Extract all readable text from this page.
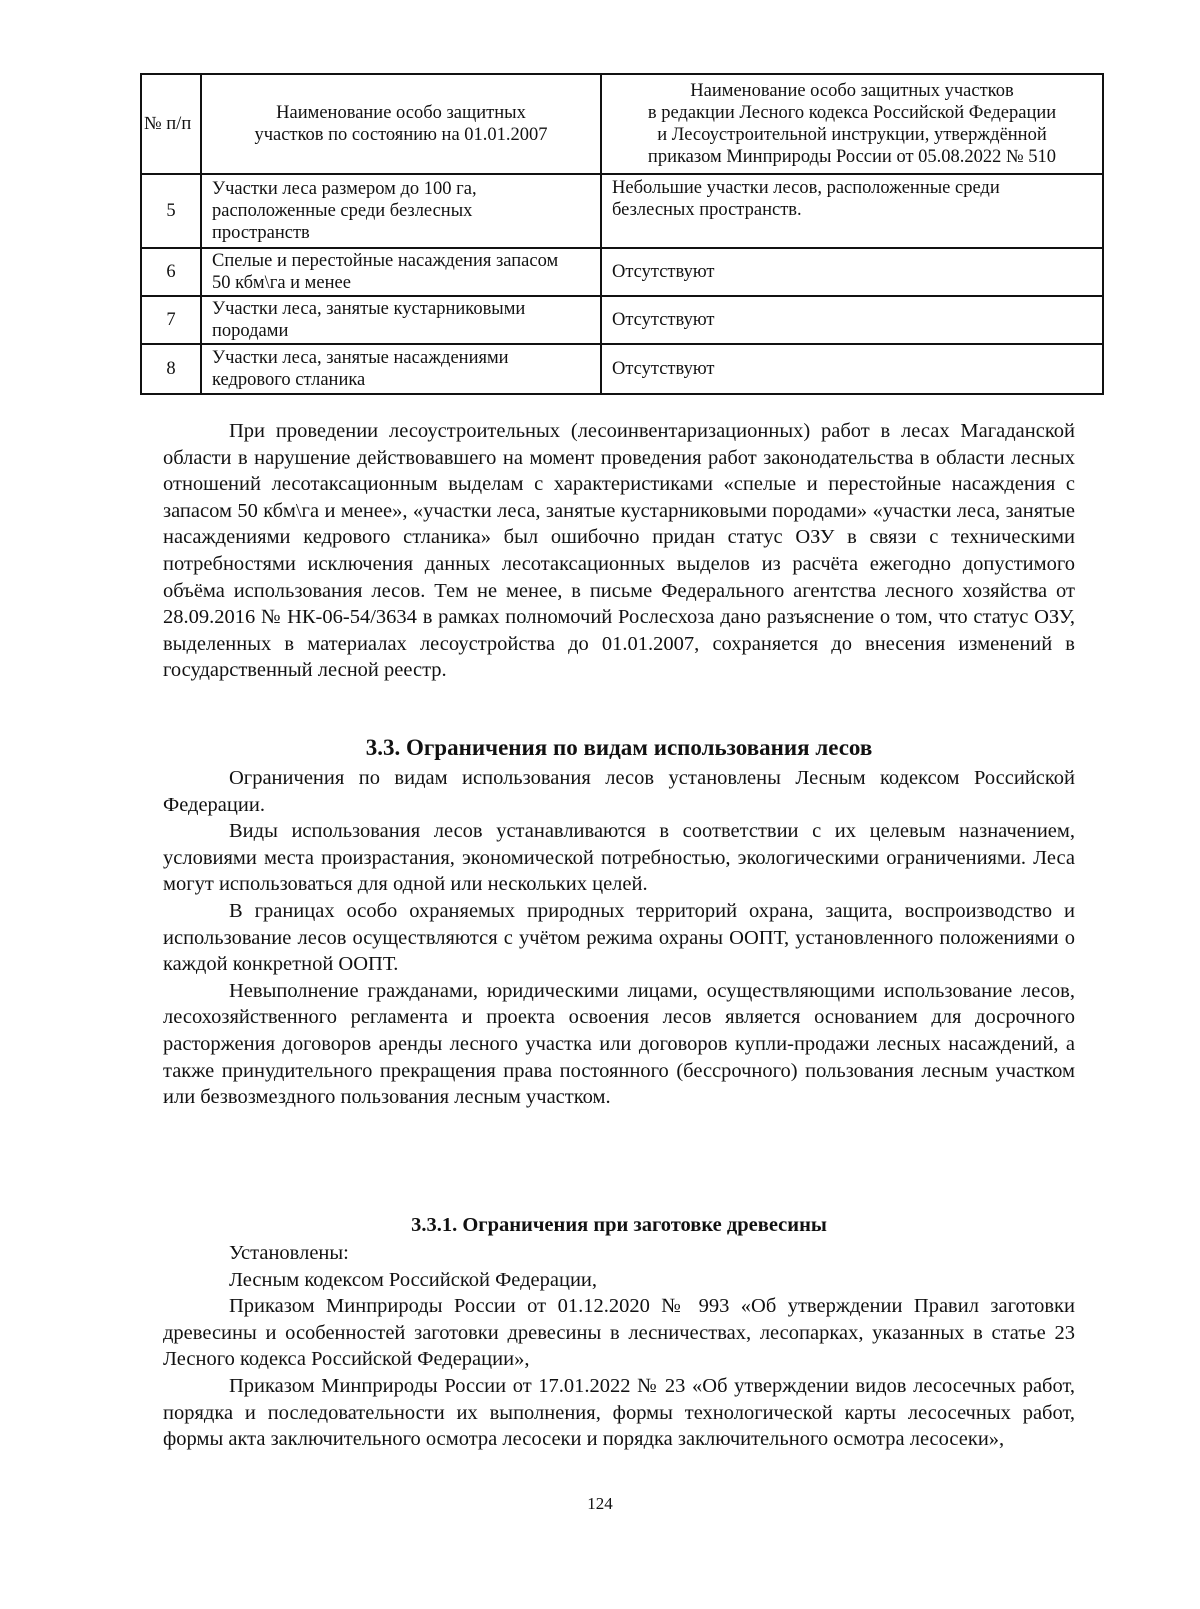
№ п/п	Наименование особо защитных участков по состоянию на 01.01.2007	Наименование особо защитных участков
в редакции Лесного кодекса Российской Федерации
и Лесоустроительной инструкции, утверждённой
приказом Минприроды России от 05.08.2022 № 510

5	Участки леса размером до 100 га, расположенные среди безлесных пространств	Небольшие участки лесов, расположенные среди безлесных пространств.

6	Спелые и перестойные насаждения запасом 50 кбм\га и менее	Отсутствуют
7	Участки леса, занятые кустарниковыми породами	Отсутствуют
8	Участки леса, занятые насаждениями кедрового стланика	Отсутствуют

При проведении лесоустроительных (лесоинвентаризационных) работ в лесах Магаданской области в нарушение действовавшего на момент проведения работ законодательства в области лесных отношений лесотаксационным выделам с характеристиками «спелые и перестойные насаждения с запасом 50 кбм\га и менее», «участки леса, занятые кустарниковыми породами» «участки леса, занятые насаждениями кедрового стланика» был ошибочно придан статус ОЗУ в связи с техническими потребностями исключения данных лесотаксационных выделов из расчёта ежегодно допустимого объёма использования лесов. Тем не менее, в письме Федерального агентства лесного хозяйства от 28.09.2016 № НК-06-54/3634 в рамках полномочий Рослесхоза дано разъяснение о том, что статус ОЗУ, выделенных в материалах лесоустройства до 01.01.2007, сохраняется до внесения изменений в государственный лесной реестр.

3.3. Ограничения по видам использования лесов

Ограничения по видам использования лесов установлены Лесным кодексом Российской Федерации.

Виды использования лесов устанавливаются в соответствии с их целевым назначением, условиями места произрастания, экономической потребностью, экологическими ограничениями. Леса могут использоваться для одной или нескольких целей.

В границах особо охраняемых природных территорий охрана, защита, воспроизводство и использование лесов осуществляются с учётом режима охраны ООПТ, установленного положениями о каждой конкретной ООПТ.

Невыполнение гражданами, юридическими лицами, осуществляющими использование лесов, лесохозяйственного регламента и проекта освоения лесов является основанием для досрочного расторжения договоров аренды лесного участка или договоров купли-продажи лесных насаждений, а также принудительного прекращения права постоянного (бессрочного) пользования лесным участком или безвозмездного пользования лесным участком.

3.3.1. Ограничения при заготовке древесины

Установлены:

Лесным кодексом Российской Федерации,

Приказом Минприроды России от 01.12.2020 № 993 «Об утверждении Правил заготовки древесины и особенностей заготовки древесины в лесничествах, лесопарках, указанных в статье 23 Лесного кодекса Российской Федерации»,

Приказом Минприроды России от 17.01.2022 № 23 «Об утверждении видов лесосечных работ, порядка и последовательности их выполнения, формы технологической карты лесосечных работ, формы акта заключительного осмотра лесосеки и порядка заключительного осмотра лесосеки»,

124
